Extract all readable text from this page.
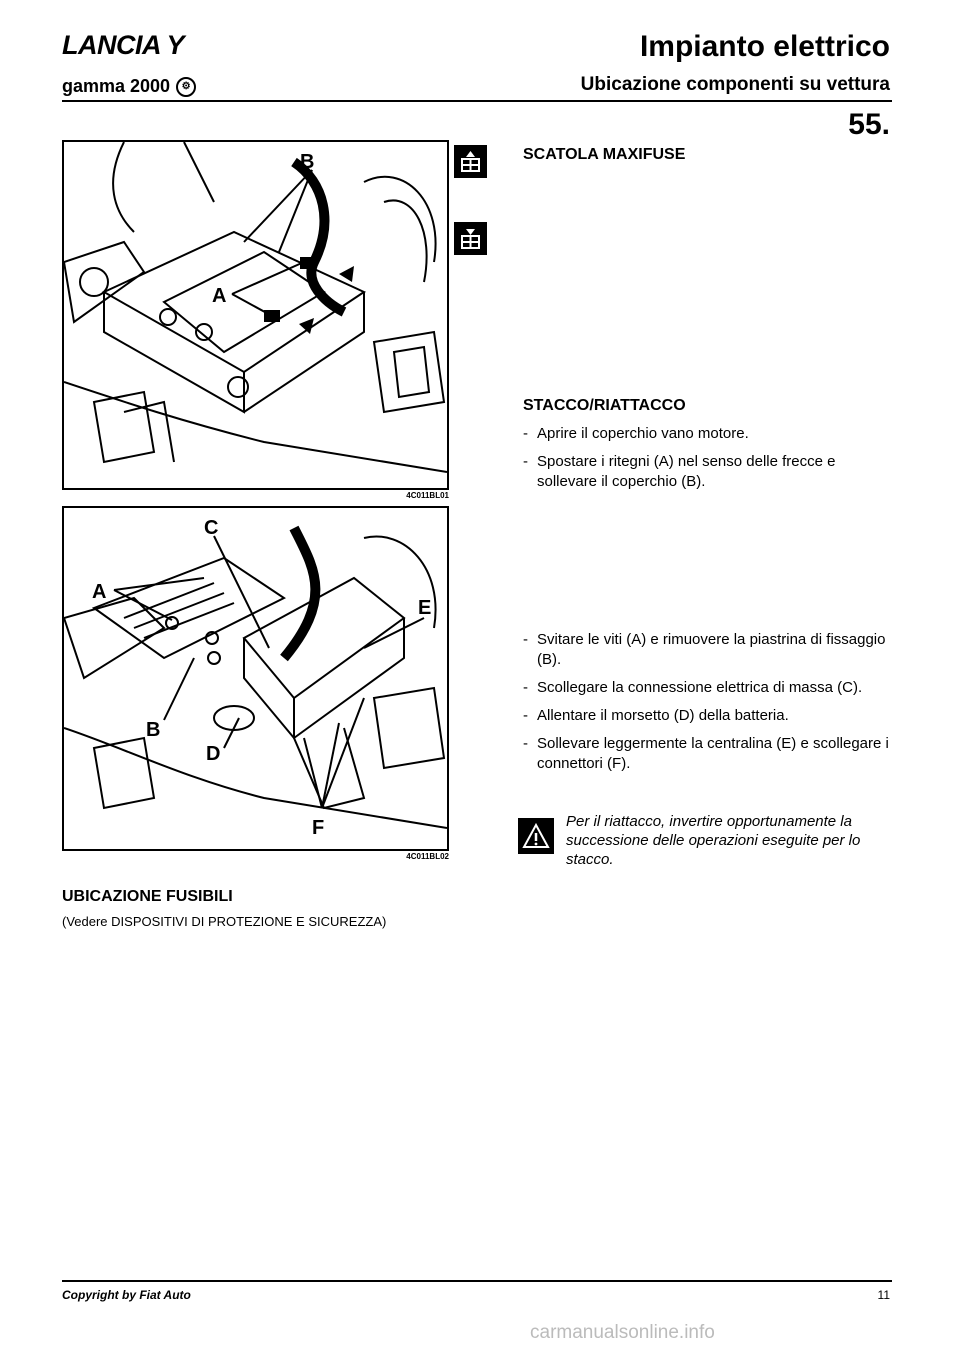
LANCIA Y
gamma 2000	⚙
Impianto elettrico
Ubicazione componenti su vettura
55.
B
A
4C011BL01
C
A
E
B
D
F
4C011BL02
SCATOLA MAXIFUSE
STACCO/RIATTACCO
- Aprire il coperchio vano motore.
- Spostare i ritegni (A) nel senso delle frecce e sollevare il coperchio (B).
- Svitare le viti (A) e rimuovere la piastrina di fissaggio (B).
- Scollegare la connessione elettrica di massa (C).
- Allentare il morsetto (D) della batteria.
- Sollevare leggermente la centralina (E) e scollegare i connettori (F).
Per il riattacco, invertire opportunamente la successione delle operazioni eseguite per lo stacco.
UBICAZIONE FUSIBILI
(Vedere DISPOSITIVI DI PROTEZIONE E SICUREZZA)
Copyright by Fiat Auto	11
carmanualsonline.info
